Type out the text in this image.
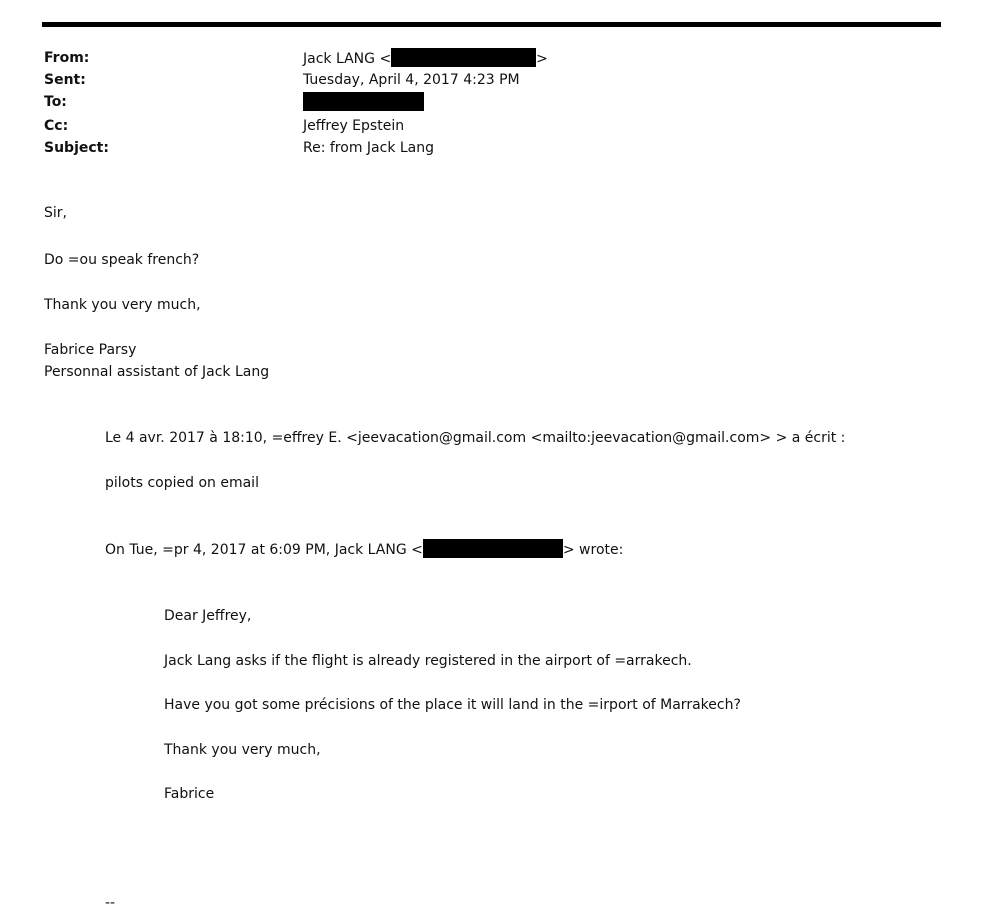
From:	Jack LANG <	>
Sent:	Tuesday, April 4, 2017 4:23 PM
To:
Cc:	Jeffrey Epstein
Subject:	Re: from Jack Lang
Sir,
Do =ou speak french?
Thank you very much,
Fabrice Parsy
Personnal assistant of Jack Lang
Le 4 avr. 2017 à 18:10, =effrey E. <jeevacation@gmail.com <mailto:jeevacation@gmail.com> > a écrit :
pilots copied on email
On Tue, =pr 4, 2017 at 6:09 PM, Jack LANG <	> wrote:
Dear Jeffrey,
Jack Lang asks if the flight is already registered in the airport of =arrakech.
Have you got some précisions of the place it will land in the =irport of Marrakech?
Thank you very much,
Fabrice
--
